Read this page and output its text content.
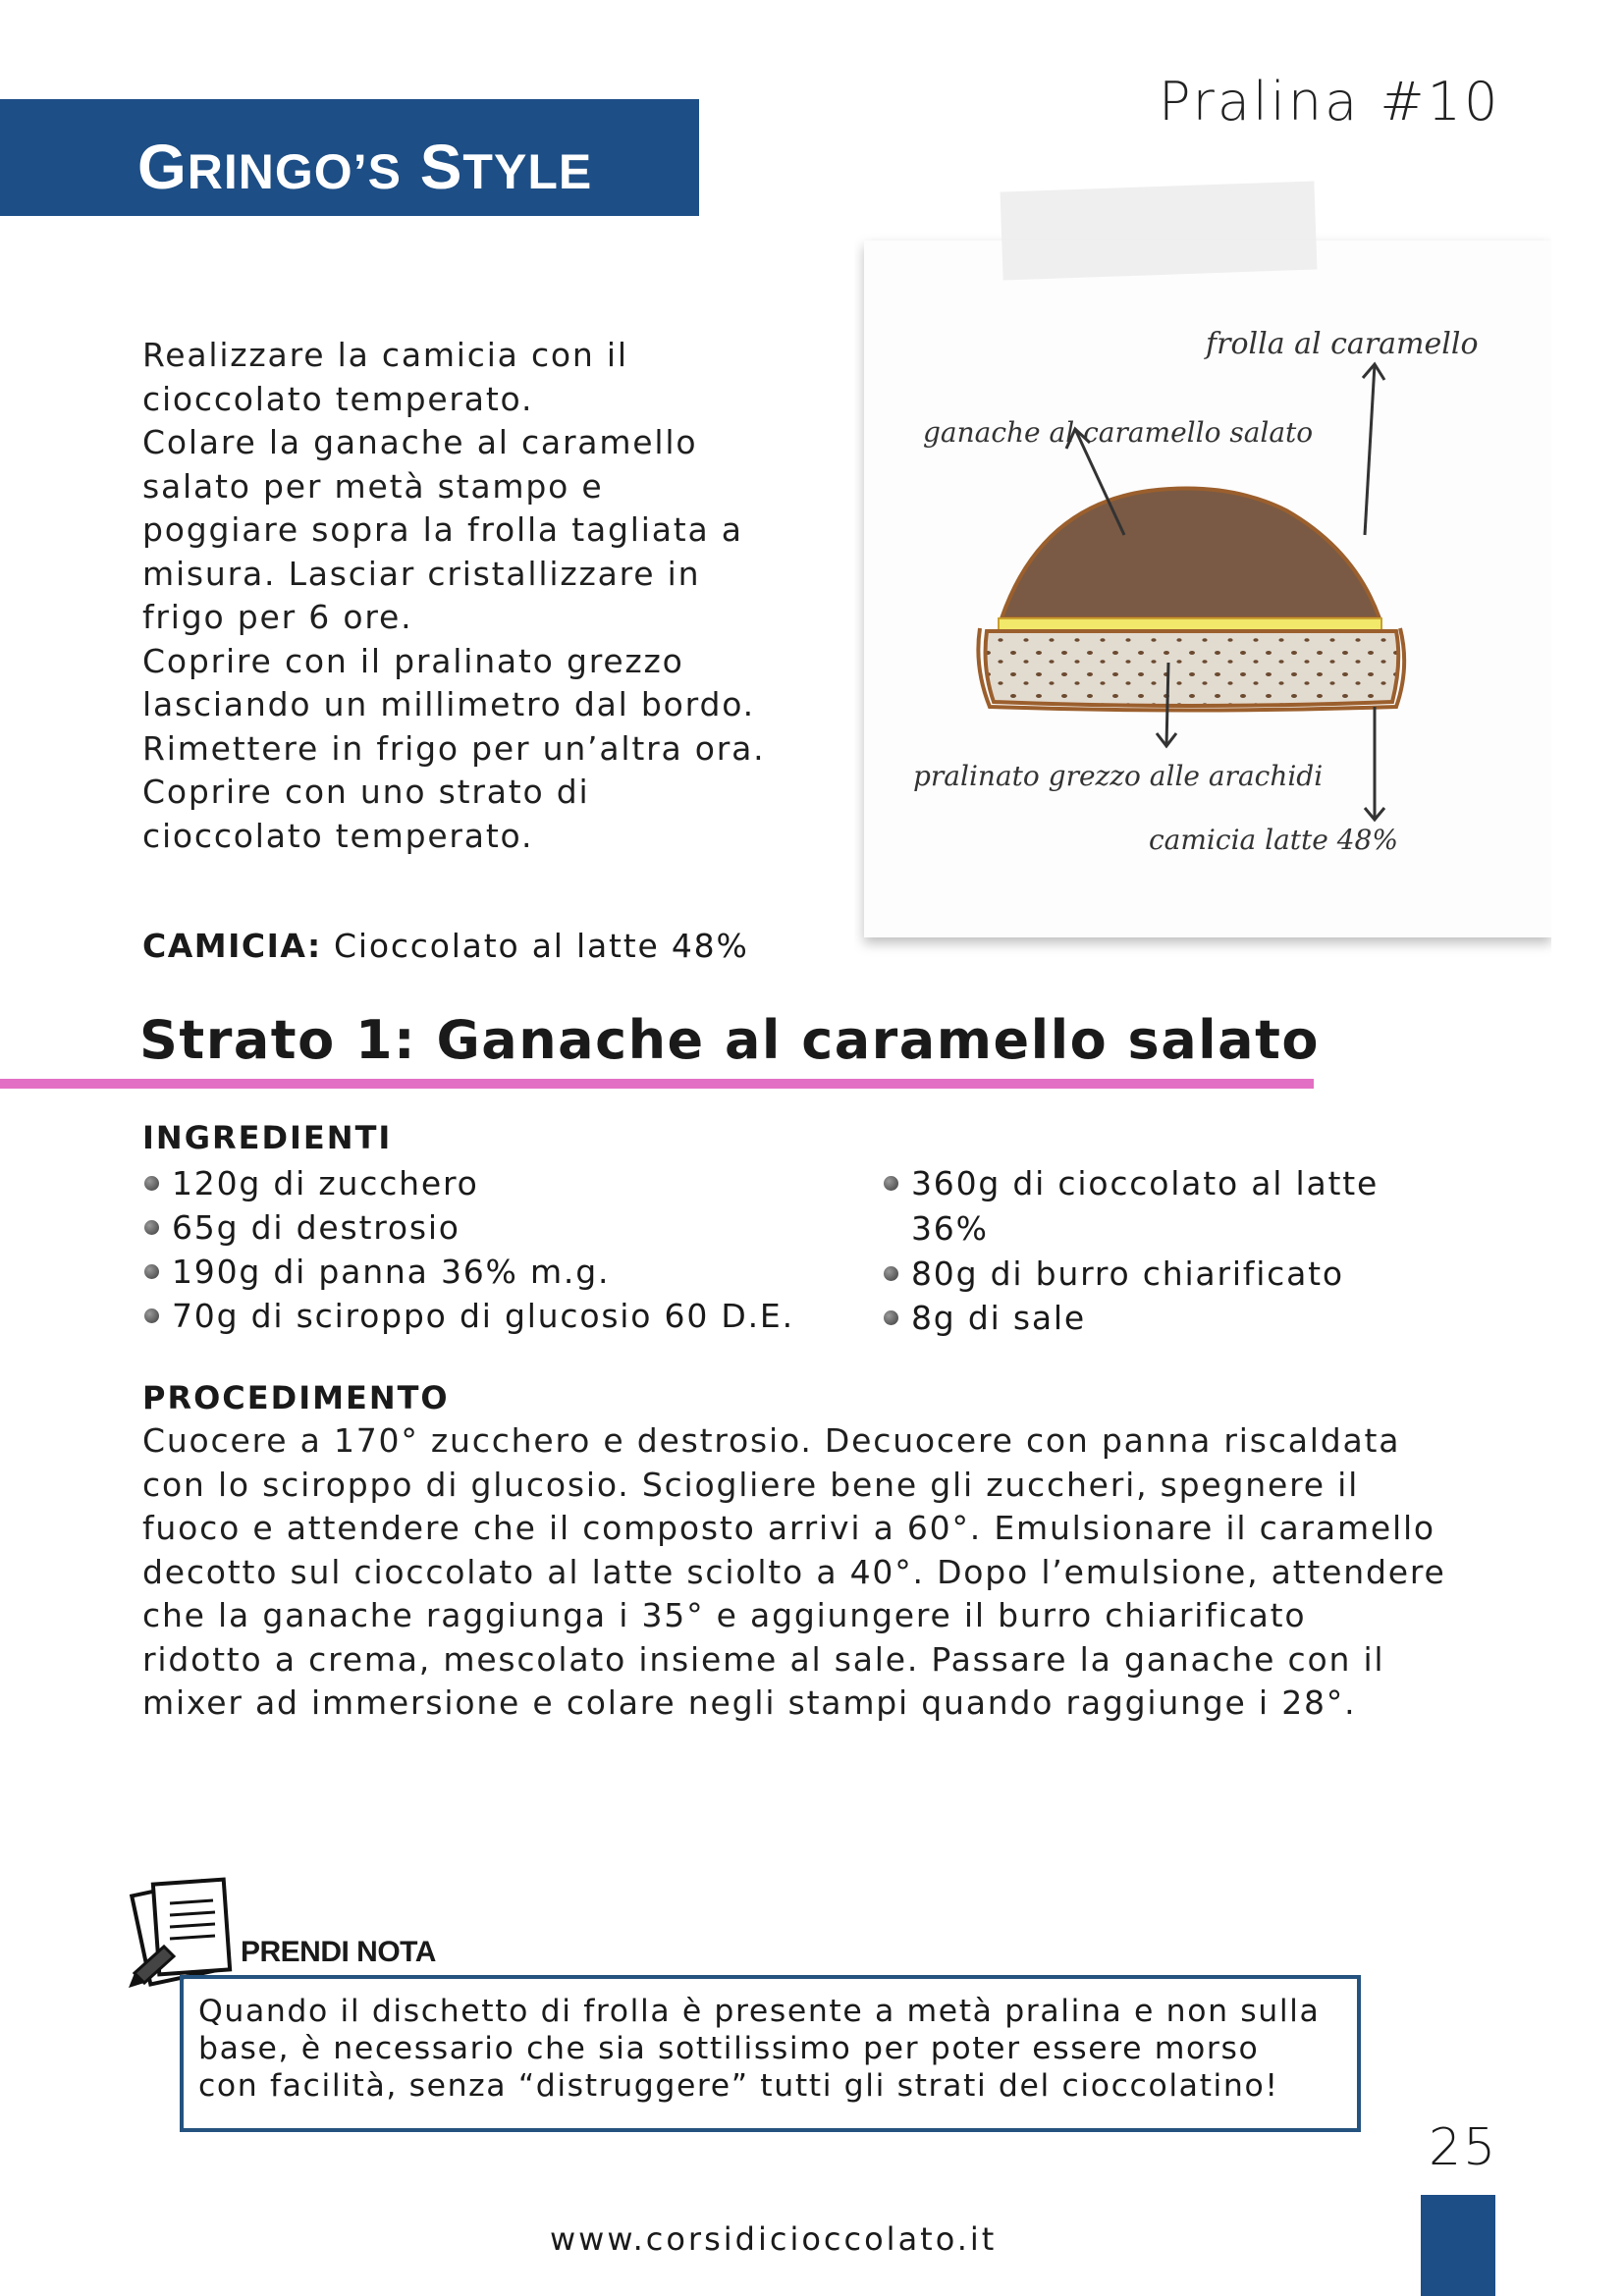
GRINGO’S STYLE
Pralina #10

Realizzare la camicia con il

cioccolato temperato.

Colare la ganache al caramello

salato per metà stampo e

poggiare sopra la frolla tagliata a

misura. Lasciar cristallizzare in

frigo per 6 ore.

Coprire con il pralinato grezzo

lasciando un millimetro dal bordo.

Rimettere in frigo per un’altra ora.

Coprire con uno strato di

cioccolato temperato.

CAMICIA: Cioccolato al latte 48%
frolla al caramello
ganache al caramello salato
pralinato grezzo alle arachidi
camicia latte 48%
Strato 1: Ganache al caramello salato
INGREDIENTI
120g di zucchero
65g di destrosio
190g di panna 36% m.g.
70g di sciroppo di glucosio 60 D.E.
360g di cioccolato al latte 36%
80g di burro chiarificato
8g di sale
PROCEDIMENTO
Cuocere a 170° zucchero e destrosio. Decuocere con panna riscaldata
con lo sciroppo di glucosio. Sciogliere bene gli zuccheri, spegnere il
fuoco e attendere che il composto arrivi a 60°. Emulsionare il caramello
decotto sul cioccolato al latte sciolto a 40°. Dopo l’emulsione, attendere
che la ganache raggiunga i 35° e aggiungere il burro chiarificato
ridotto a crema, mescolato insieme al sale. Passare la ganache con il
mixer ad immersione e colare negli stampi quando raggiunge i 28°.
PRENDI NOTA
Quando il dischetto di frolla è presente a metà pralina e non sulla
base, è necessario che sia sottilissimo per poter essere morso
con facilità, senza “distruggere” tutti gli strati del cioccolatino!
25
www.corsidicioccolato.it
